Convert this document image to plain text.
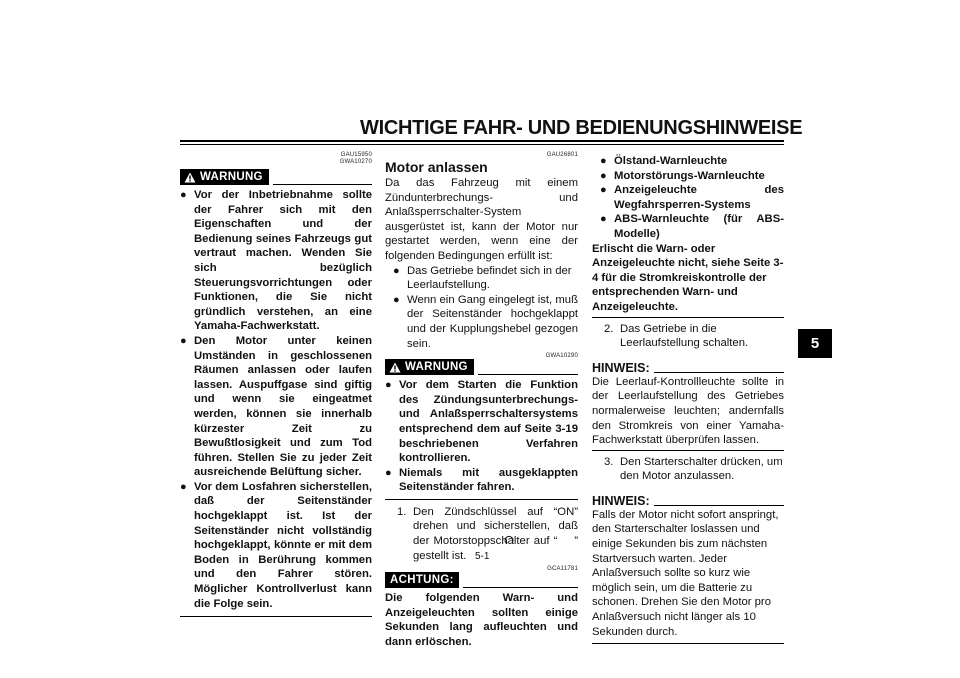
WICHTIGE FAHR- UND BEDIENUNGSHINWEISE
5
GAU15950
GWA10270
WARNUNG
● Vor der Inbetriebnahme sollte der Fahrer sich mit den Eigenschaften und der Bedienung seines Fahrzeugs gut vertraut machen. Wenden Sie sich bezüglich Steuerungsvorrichtungen oder Funktionen, die Sie nicht gründlich verstehen, an eine Yamaha-Fachwerkstatt.
● Den Motor unter keinen Umständen in geschlossenen Räumen anlassen oder laufen lassen. Auspuffgase sind giftig und wenn sie eingeatmet werden, können sie innerhalb kürzester Zeit zu Bewußtlosigkeit und zum Tod führen. Stellen Sie zu jeder Zeit ausreichende Belüftung sicher.
● Vor dem Losfahren sicherstellen, daß der Seitenständer hochgeklappt ist. Ist der Seitenständer nicht vollständig hochgeklappt, könnte er mit dem Boden in Berührung kommen und den Fahrer stören. Möglicher Kontrollverlust kann die Folge sein.
GAU26801
Motor anlassen
Da das Fahrzeug mit einem Zündunterbrechungs- und Anlaßsperrschalter-System ausgerüstet ist, kann der Motor nur gestartet werden, wenn eine der folgenden Bedingungen erfüllt ist:
● Das Getriebe befindet sich in der Leerlaufstellung.
● Wenn ein Gang eingelegt ist, muß der Seitenständer hochgeklappt und der Kupplungshebel gezogen sein.
GWA10290
WARNUNG
● Vor dem Starten die Funktion des Zündungsunterbrechungs- und Anlaßsperrschaltersystems entsprechend dem auf Seite 3-19 beschriebenen Verfahren kontrollieren.
● Niemals mit ausgeklappten Seitenständer fahren.
1. Den Zündschlüssel auf “ON” drehen und sicherstellen, daß der Motorstoppschalter auf “    ” gestellt ist.
GCA11781
ACHTUNG:
Die folgenden Warn- und Anzeigeleuchten sollten einige Sekunden lang aufleuchten und dann erlöschen.
● Ölstand-Warnleuchte
● Motorstörungs-Warnleuchte
● Anzeigeleuchte des Wegfahrsperren-Systems
● ABS-Warnleuchte (für ABS-Modelle)
Erlischt die Warn- oder Anzeigeleuchte nicht, siehe Seite 3-4 für die Stromkreiskontrolle der entsprechenden Warn- und Anzeigeleuchte.
2. Das Getriebe in die Leerlaufstellung schalten.
HINWEIS:
Die Leerlauf-Kontrollleuchte sollte in der Leerlaufstellung des Getriebes normalerweise leuchten; andernfalls den Stromkreis von einer Yamaha-Fachwerkstatt überprüfen lassen.
3. Den Starterschalter drücken, um den Motor anzulassen.
HINWEIS:
Falls der Motor nicht sofort anspringt, den Starterschalter loslassen und einige Sekunden bis zum nächsten Startversuch warten. Jeder Anlaßversuch sollte so kurz wie möglich sein, um die Batterie zu schonen. Drehen Sie den Motor pro Anlaßversuch nicht länger als 10 Sekunden durch.
5-1
